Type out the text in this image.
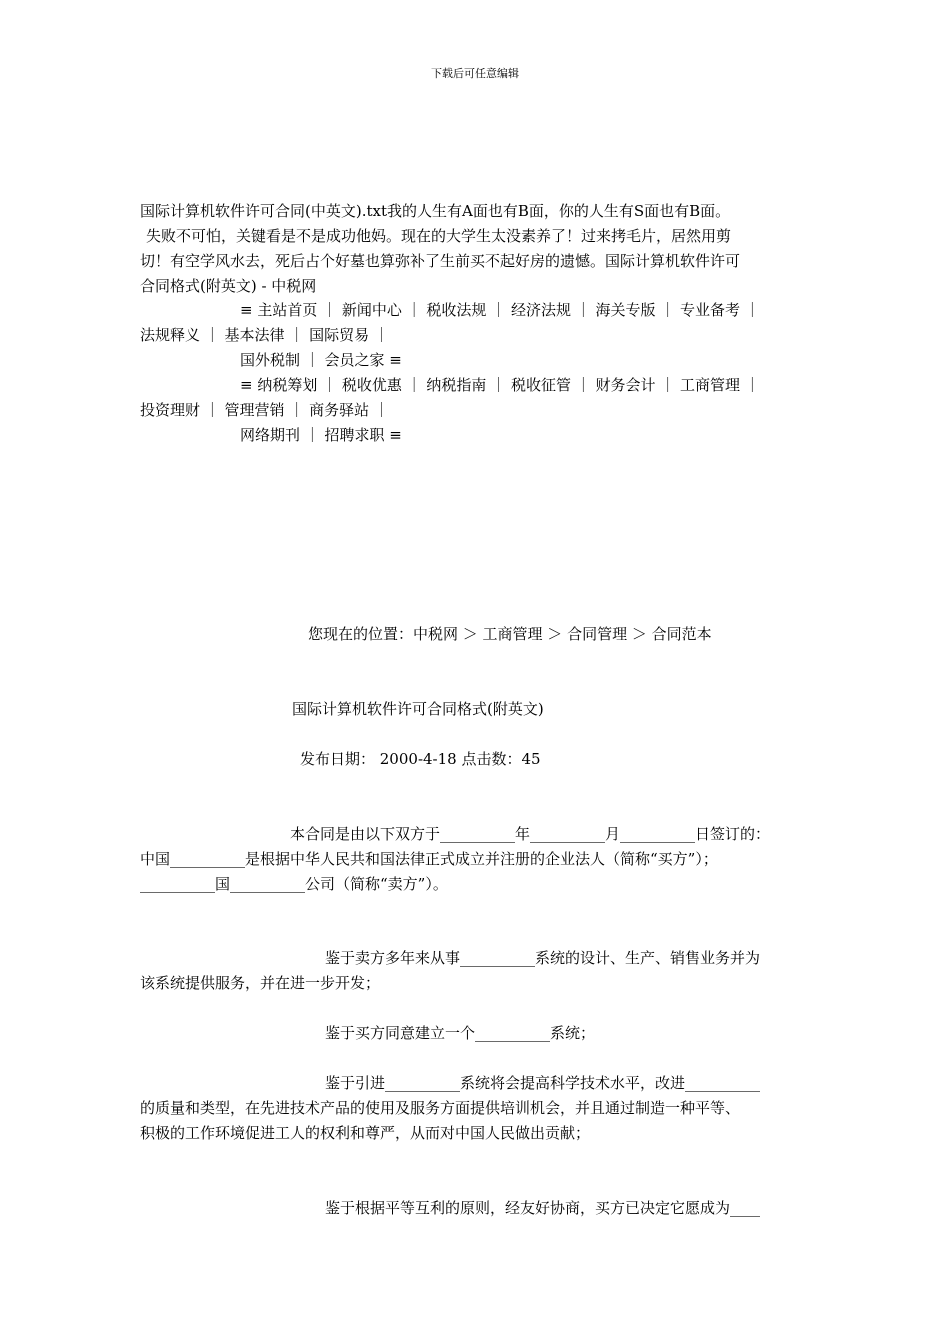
下载后可任意编辑
国际计算机软件许可合同(中英文).txt我的人生有A面也有B面，你的人生有S面也有B面。
失败不可怕，关键看是不是成功他妈。现在的大学生太没素养了！过来拷毛片，居然用剪
切！有空学风水去，死后占个好墓也算弥补了生前买不起好房的遗憾。国际计算机软件许可
合同格式(附英文) - 中税网
≡ 主站首页 ｜ 新闻中心 ｜ 税收法规 ｜ 经济法规 ｜ 海关专版 ｜ 专业备考 ｜
法规释义 ｜ 基本法律 ｜ 国际贸易 ｜
国外税制 ｜ 会员之家 ≡
≡ 纳税筹划 ｜ 税收优惠 ｜ 纳税指南 ｜ 税收征管 ｜ 财务会计 ｜ 工商管理 ｜
投资理财 ｜ 管理营销 ｜ 商务驿站 ｜
网络期刊 ｜ 招聘求职 ≡
您现在的位置：中税网 ＞ 工商管理 ＞ 合同管理 ＞ 合同范本
国际计算机软件许可合同格式(附英文)
发布日期： 2000-4-18 点击数：45
本合同是由以下双方于__________年__________月__________日签订的：
中国__________是根据中华人民共和国法律正式成立并注册的企业法人（简称“买方”）；
__________国__________公司（简称“卖方”）。
鉴于卖方多年来从事__________系统的设计、生产、销售业务并为
该系统提供服务，并在进一步开发；
鉴于买方同意建立一个__________系统；
鉴于引进__________系统将会提高科学技术水平，改进__________
的质量和类型，在先进技术产品的使用及服务方面提供培训机会，并且通过制造一种平等、
积极的工作环境促进工人的权利和尊严，从而对中国人民做出贡献；
鉴于根据平等互利的原则，经友好协商，买方已决定它愿成为____
